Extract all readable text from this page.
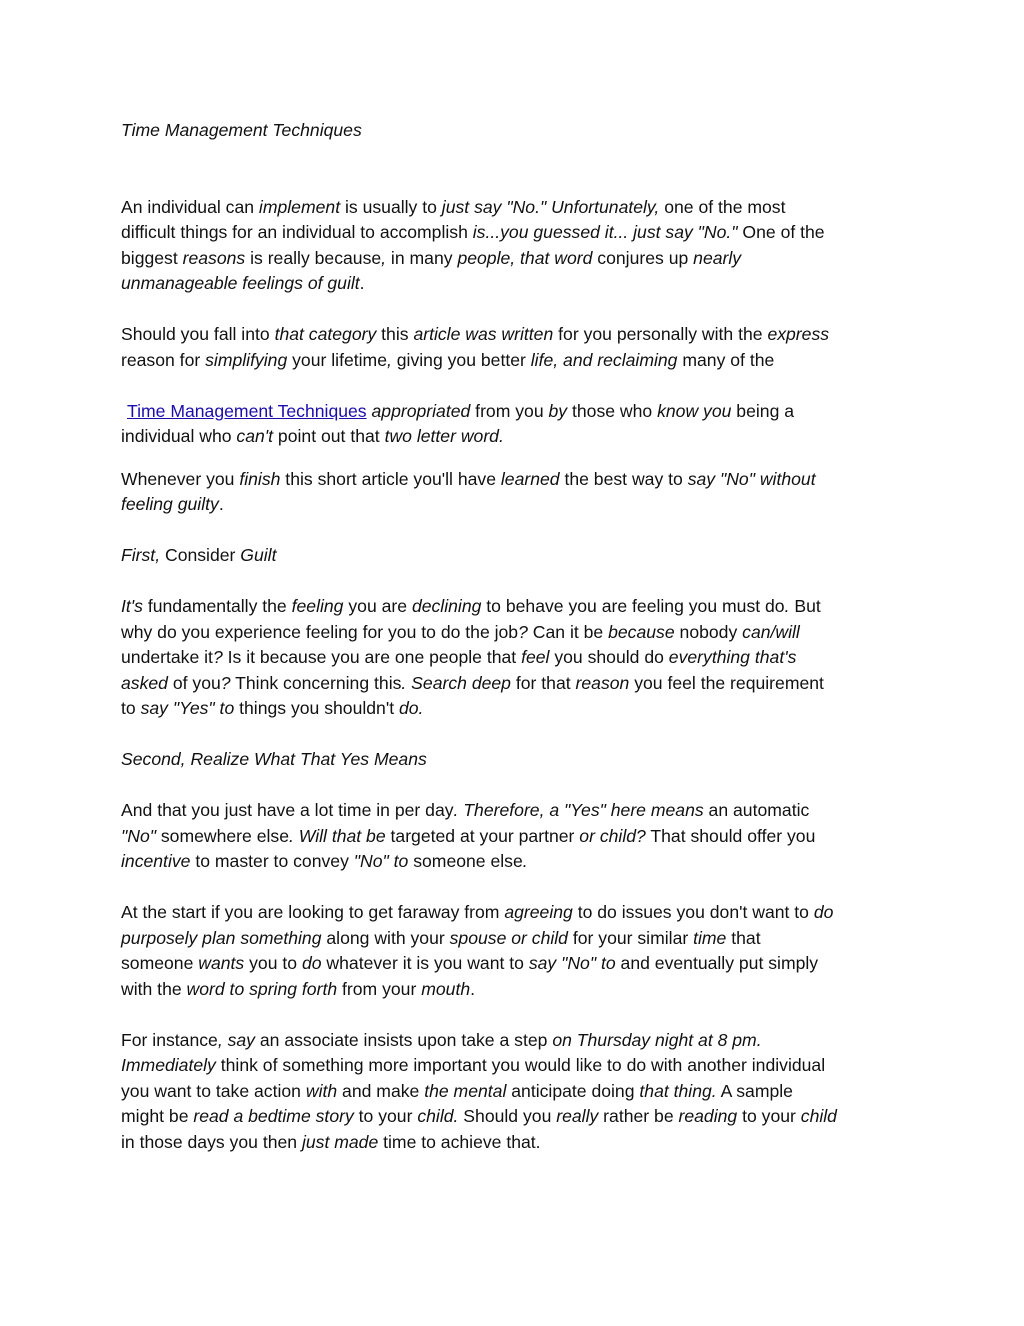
Time Management Techniques

An individual can implement is usually to just say "No." Unfortunately, one of the most
difficult things for an individual to accomplish is...you guessed it... just say "No." One of the
biggest reasons is really because, in many people, that word conjures up nearly
unmanageable feelings of guilt.

Should you fall into that category this article was written for you personally with the express
reason for simplifying your lifetime, giving you better life, and reclaiming many of the

Time Management Techniques appropriated from you by those who know you being a
individual who can't point out that two letter word.

Whenever you finish this short article you'll have learned the best way to say "No" without
feeling guilty.

First, Consider Guilt

It's fundamentally the feeling you are declining to behave you are feeling you must do. But
why do you experience feeling for you to do the job? Can it be because nobody can/will
undertake it? Is it because you are one people that feel you should do everything that's
asked of you? Think concerning this. Search deep for that reason you feel the requirement
to say "Yes" to things you shouldn't do.

Second, Realize What That Yes Means

And that you just have a lot time in per day. Therefore, a "Yes" here means an automatic
"No" somewhere else. Will that be targeted at your partner or child? That should offer you
incentive to master to convey "No" to someone else.

At the start if you are looking to get faraway from agreeing to do issues you don't want to do
purposely plan something along with your spouse or child for your similar time that
someone wants you to do whatever it is you want to say "No" to and eventually put simply
with the word to spring forth from your mouth.

For instance, say an associate insists upon take a step on Thursday night at 8 pm.
Immediately think of something more important you would like to do with another individual
you want to take action with and make the mental anticipate doing that thing. A sample
might be read a bedtime story to your child. Should you really rather be reading to your child
in those days you then just made time to achieve that.
